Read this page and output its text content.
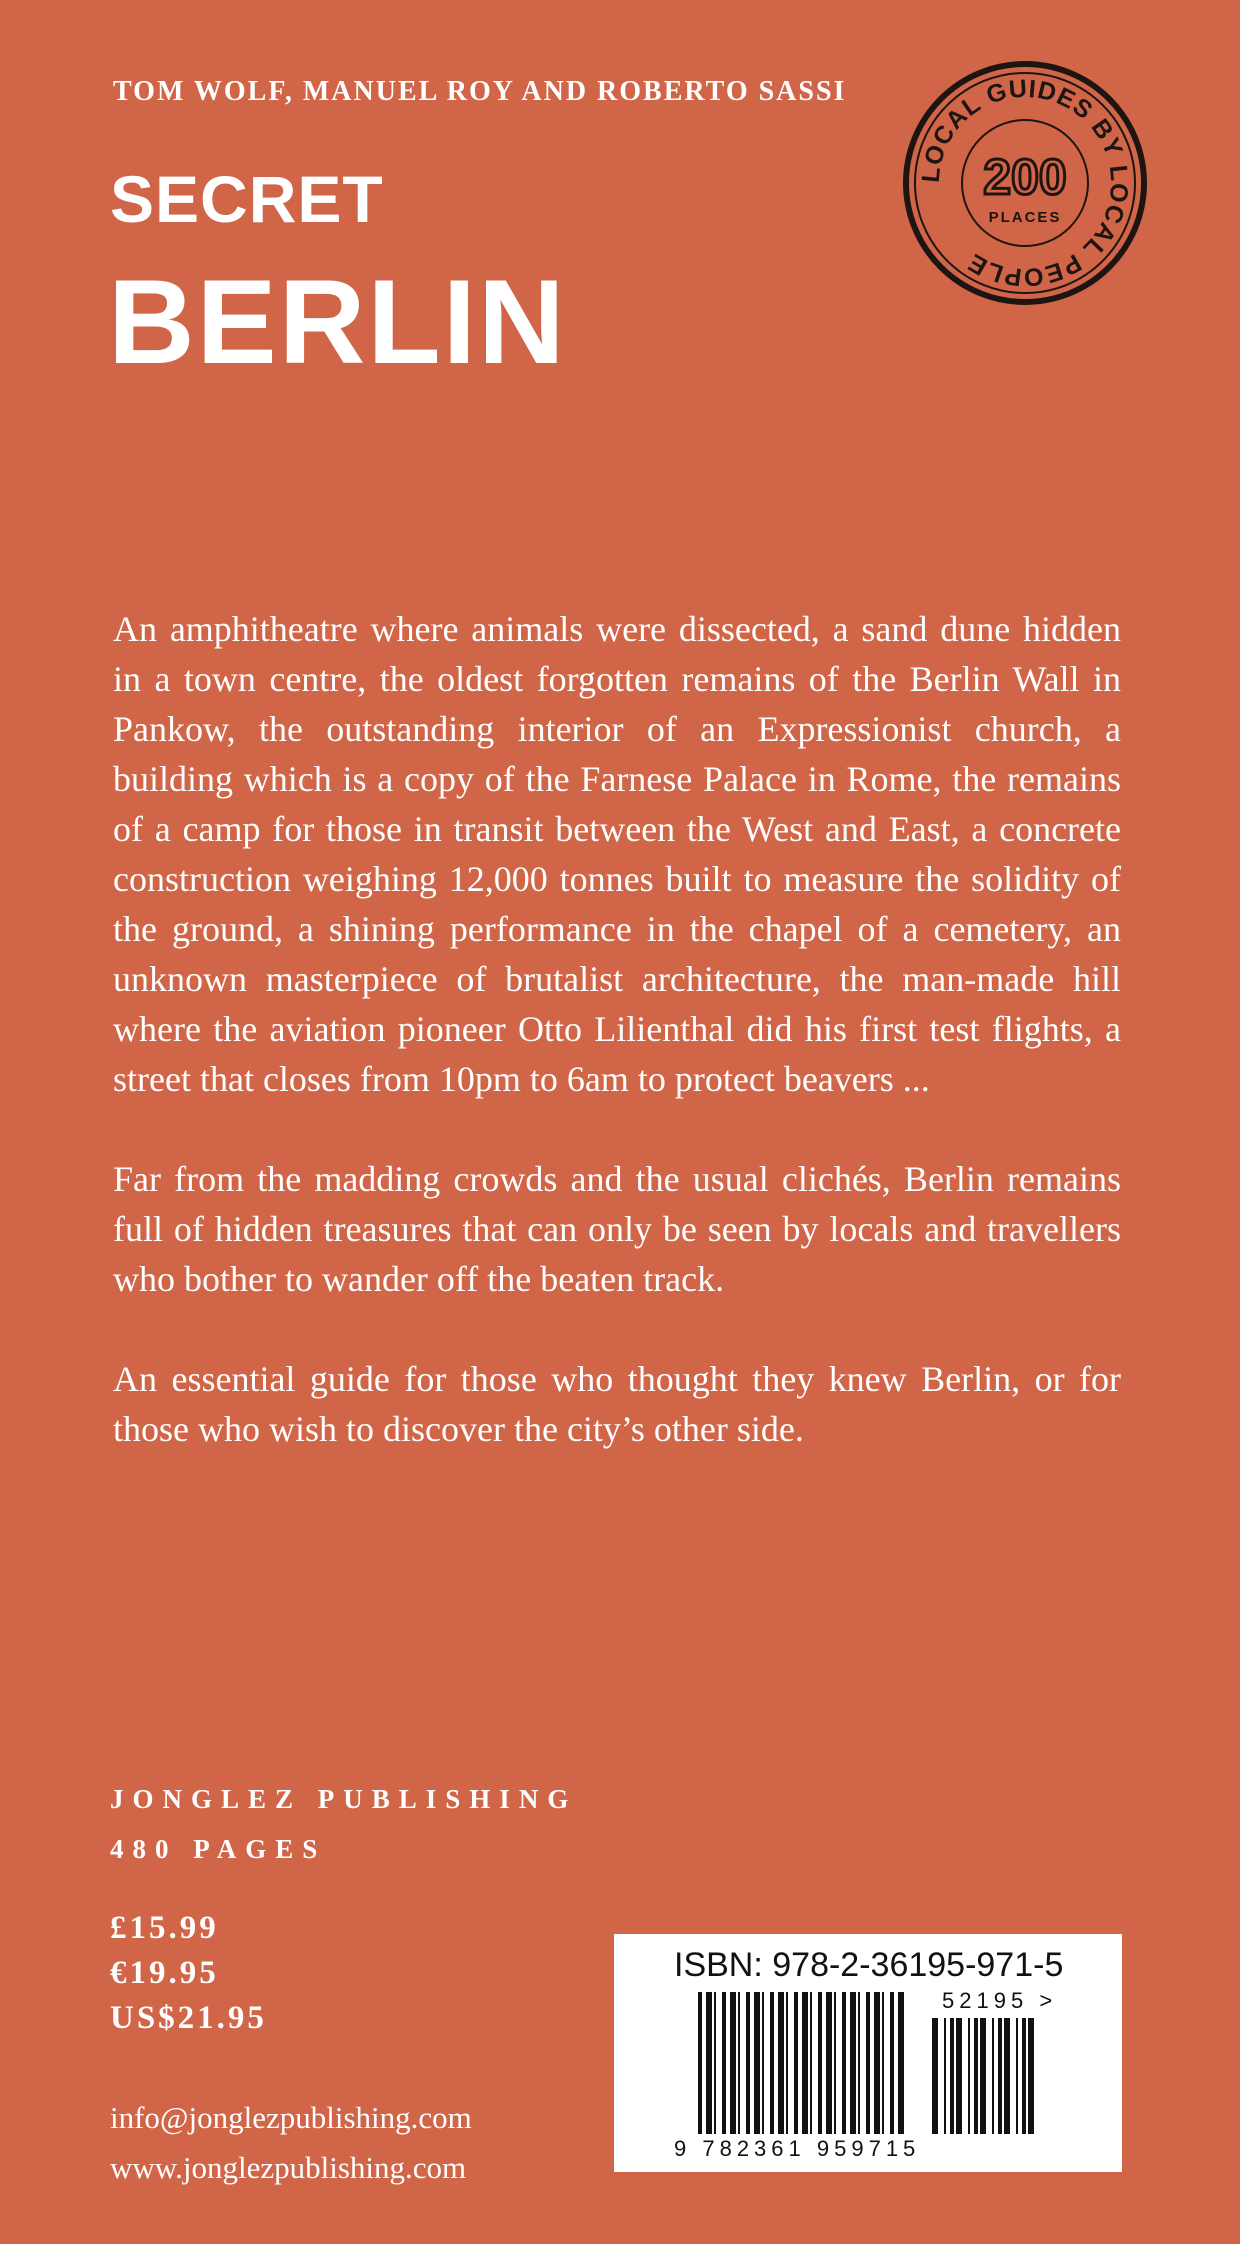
TOM WOLF, MANUEL ROY AND ROBERTO SASSI
SECRET
BERLIN
LOCAL GUIDES BY LOCAL PEOPLE
200
PLACES

An amphitheatre where animals were dissected, a sand dune hidden in a town centre, the oldest forgotten remains of the Berlin Wall in Pankow, the outstanding interior of an Expressionist church, a building which is a copy of the Farnese Palace in Rome, the remains of a camp for those in transit between the West and East, a concrete construction weighing 12,000 tonnes built to measure the solidity of the ground, a shining performance in the chapel of a cemetery, an unknown masterpiece of brutalist architecture, the man-made hill where the aviation pioneer Otto Lilienthal did his first test flights, a street that closes from 10pm to 6am to protect beavers ...

Far from the madding crowds and the usual clichés, Berlin remains full of hidden treasures that can only be seen by locals and travellers who bother to wander off the beaten track.

An essential guide for those who thought they knew Berlin, or for those who wish to discover the city’s other side.

JONGLEZ PUBLISHING
480 PAGES
£15.99
€19.95
US$21.95
info@jonglezpublishing.com
www.jonglezpublishing.com
ISBN: 978-2-36195-971-5
9 782361 959715
52195 >
